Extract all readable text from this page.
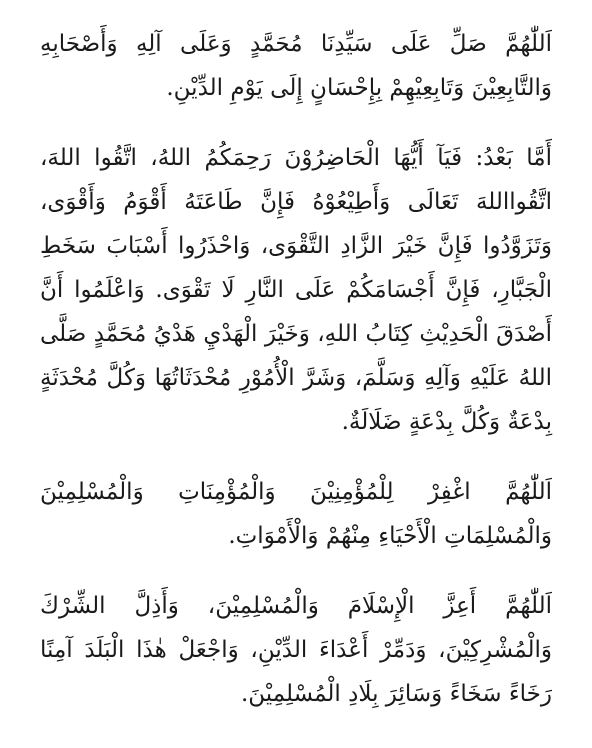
اَللّٰهُمَّ صَلِّ عَلَى سَيِّدِنَا مُحَمَّدٍ وَعَلَى آلِهِ وَأَصْحَابِهِ وَالتَّابِعِيْنَ وَتَابِعِيْهِمْ بِإِحْسَانٍ إِلَى يَوْمِ الدِّيْنِ.

أَمَّا بَعْدُ: فَيَآ أَيُّهَا الْحَاضِرُوْنَ رَحِمَكُمُ اللهُ، اتَّقُوا اللهَ، اتَّقُوااللهَ تَعَالَى وَأَطِيْعُوْهُ فَإِنَّ طَاعَتَهُ أَقْوَمُ وَأَقْوَى، وَتَزَوَّدُوا فَإِنَّ خَيْرَ الزَّادِ التَّقْوَى، وَاحْذَرُوا أَسْبَابَ سَخَطِ الْجَبَّارِ، فَإِنَّ أَجْسَامَكُمْ عَلَى النَّارِ لَا تَقْوَى. وَاعْلَمُوا أَنَّ أَصْدَقَ الْحَدِيْثِ كِتَابُ اللهِ، وَخَيْرَ الْهَدْيِ هَدْيُ مُحَمَّدٍ صَلَّى اللهُ عَلَيْهِ وَآلِهِ وَسَلَّمَ، وَشَرَّ الْأُمُوْرِ مُحْدَثَاتُهَا وَكُلَّ مُحْدَثَةٍ بِدْعَةٌ وَكُلَّ بِدْعَةٍ ضَلَالَةٌ.

اَللّٰهُمَّ اغْفِرْ لِلْمُؤْمِنِيْنَ وَالْمُؤْمِنَاتِ وَالْمُسْلِمِيْنَ وَالْمُسْلِمَاتِ الْأَحْيَاءِ مِنْهُمْ وَالْأَمْوَاتِ.

اَللّٰهُمَّ أَعِزَّ الْإِسْلَامَ وَالْمُسْلِمِيْنَ، وَأَذِلَّ الشِّرْكَ وَالْمُشْرِكِيْنَ، وَدَمِّرْ أَعْدَاءَ الدِّيْنِ، وَاجْعَلْ هٰذَا الْبَلَدَ آمِنًا رَخَاءً سَخَاءً وَسَائِرَ بِلَادِ الْمُسْلِمِيْنَ.
